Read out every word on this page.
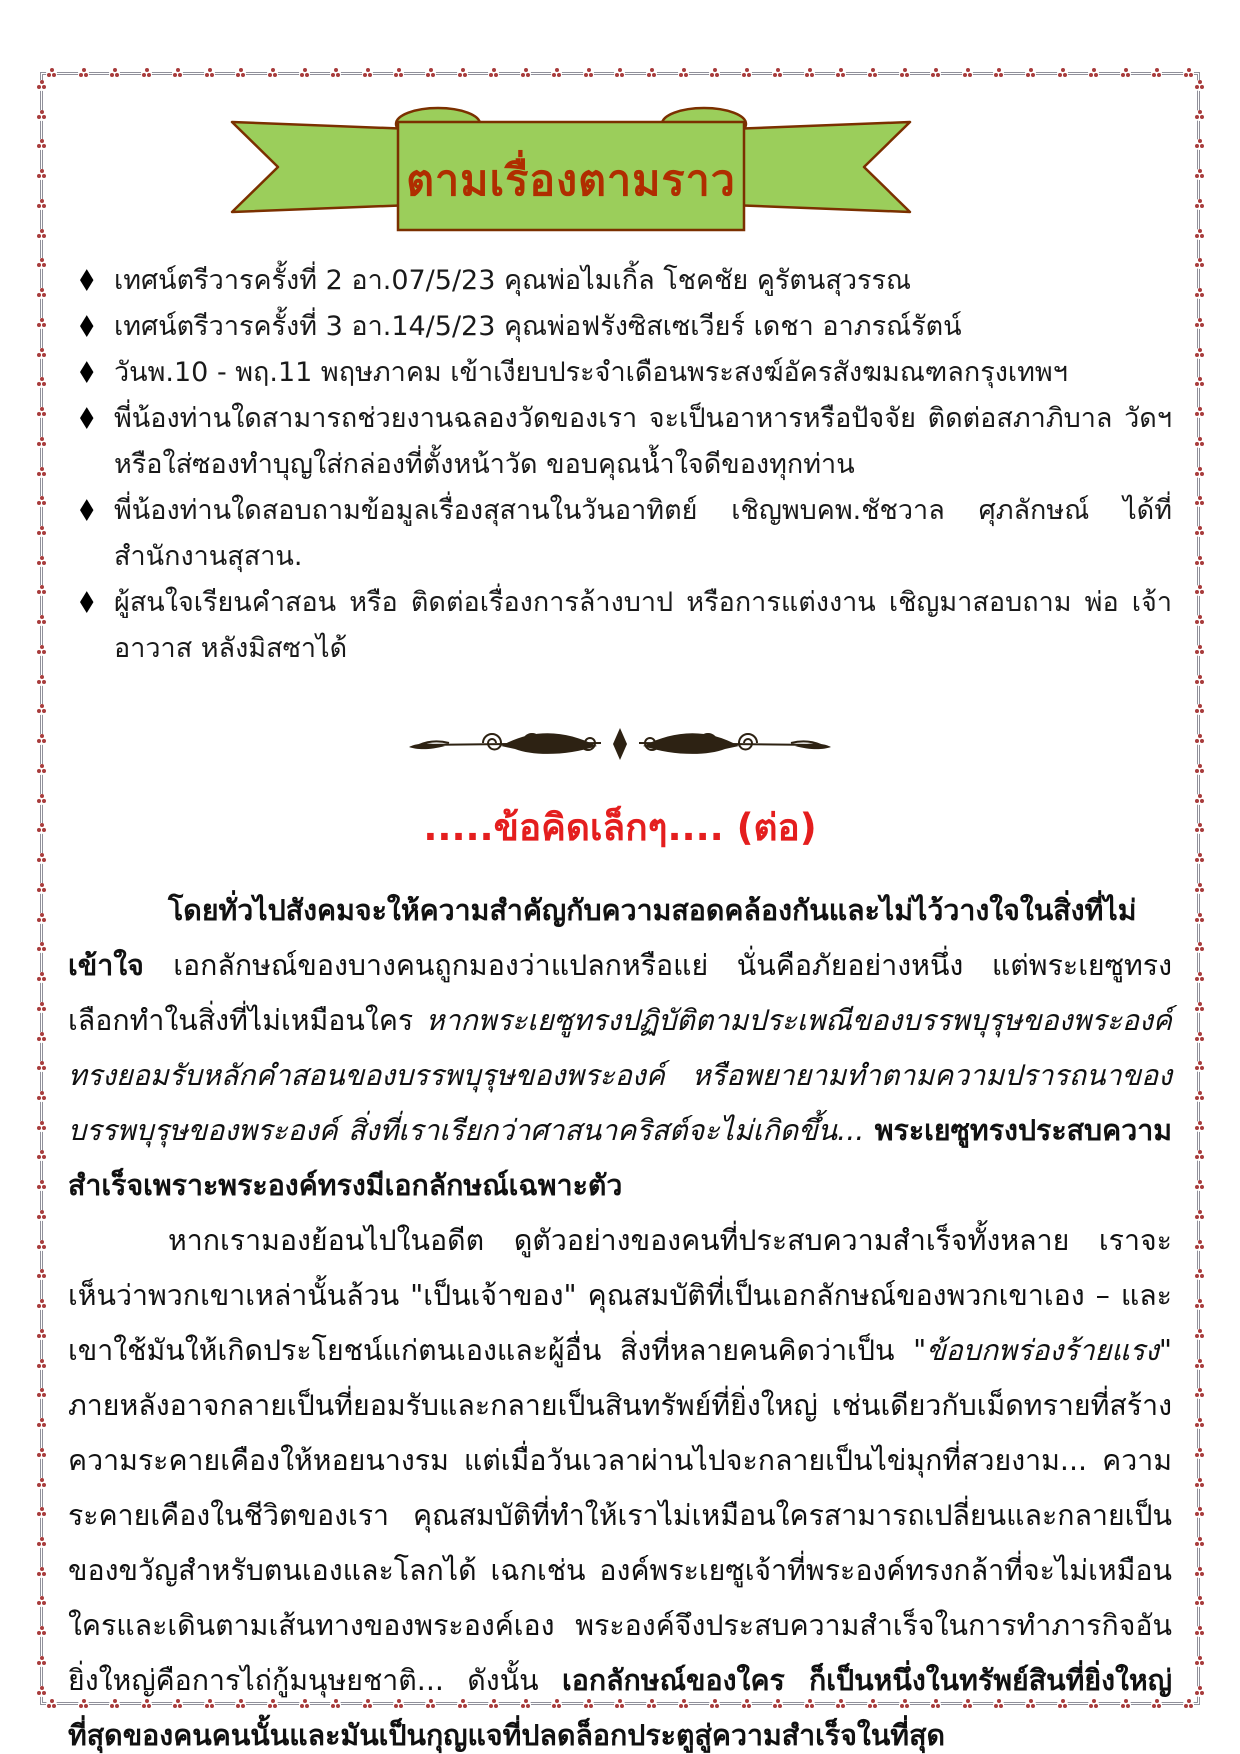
ตามเรื่องตามราว
♦ เทศน์ตรีวารครั้งที่ 2 อา.07/5/23 คุณพ่อไมเกิ้ล โชคชัย คูรัตนสุวรรณ
♦ เทศน์ตรีวารครั้งที่ 3 อา.14/5/23 คุณพ่อฟรังซิสเซเวียร์ เดชา อาภรณ์รัตน์
♦ วันพ.10 - พฤ.11 พฤษภาคม เข้าเงียบประจำเดือนพระสงฆ์อัครสังฆมณฑลกรุงเทพฯ
♦ พี่น้องท่านใดสามารถช่วยงานฉลองวัดของเรา จะเป็นอาหารหรือปัจจัย ติดต่อสภาภิบาล วัดฯ หรือใส่ซองทำบุญใส่กล่องที่ตั้งหน้าวัด ขอบคุณน้ำใจดีของทุกท่าน
♦ พี่น้องท่านใดสอบถามข้อมูลเรื่องสุสานในวันอาทิตย์ เชิญพบคพ.ชัชวาล ศุภลักษณ์ ได้ที่ สำนักงานสุสาน.
♦ ผู้สนใจเรียนคำสอน หรือ ติดต่อเรื่องการล้างบาป หรือการแต่งงาน เชิญมาสอบถาม พ่อ เจ้าอาวาส หลังมิสซาได้
.....ข้อคิดเล็กๆ.... (ต่อ)

โดยทั่วไปสังคมจะให้ความสำคัญกับความสอดคล้องกันและไม่ไว้วางใจในสิ่งที่ไม่เข้าใจ เอกลักษณ์ของบางคนถูกมองว่าแปลกหรือแย่ นั่นคือภัยอย่างหนึ่ง แต่พระเยซูทรงเลือกทำในสิ่งที่ไม่เหมือนใคร หากพระเยซูทรงปฏิบัติตามประเพณีของบรรพบุรุษของพระองค์ ทรงยอมรับหลักคำสอนของบรรพบุรุษของพระองค์ หรือพยายามทำตามความปรารถนาของบรรพบุรุษของพระองค์ สิ่งที่เราเรียกว่าศาสนาคริสต์จะไม่เกิดขึ้น... พระเยซูทรงประสบความสำเร็จเพราะพระองค์ทรงมีเอกลักษณ์เฉพาะตัว

หากเรามองย้อนไปในอดีต ดูตัวอย่างของคนที่ประสบความสำเร็จทั้งหลาย เราจะเห็นว่าพวกเขาเหล่านั้นล้วน "เป็นเจ้าของ" คุณสมบัติที่เป็นเอกลักษณ์ของพวกเขาเอง – และเขาใช้มันให้เกิดประโยชน์แก่ตนเองและผู้อื่น สิ่งที่หลายคนคิดว่าเป็น "ข้อบกพร่องร้ายแรง" ภายหลังอาจกลายเป็นที่ยอมรับและกลายเป็นสินทรัพย์ที่ยิ่งใหญ่ เช่นเดียวกับเม็ดทรายที่สร้างความระคายเคืองให้หอยนางรม แต่เมื่อวันเวลาผ่านไปจะกลายเป็นไข่มุกที่สวยงาม... ความระคายเคืองในชีวิตของเรา คุณสมบัติที่ทำให้เราไม่เหมือนใครสามารถเปลี่ยนและกลายเป็นของขวัญสำหรับตนเองและโลกได้ เฉกเช่น องค์พระเยซูเจ้าที่พระองค์ทรงกล้าที่จะไม่เหมือนใครและเดินตามเส้นทางของพระองค์เอง พระองค์จึงประสบความสำเร็จในการทำภารกิจอันยิ่งใหญ่คือการไถ่กู้มนุษยชาติ... ดังนั้น เอกลักษณ์ของใคร ก็เป็นหนึ่งในทรัพย์สินที่ยิ่งใหญ่ที่สุดของคนคนนั้นและมันเป็นกุญแจที่ปลดล็อกประตูสู่ความสำเร็จในที่สุด
